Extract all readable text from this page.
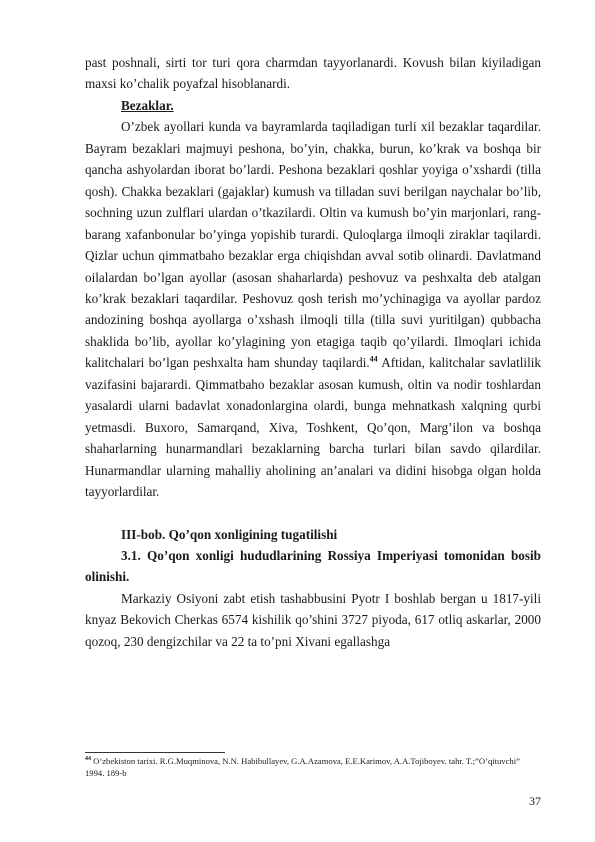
past poshnali, sirti tor turi qora charmdan tayyorlanardi. Kovush bilan kiyiladigan maxsi ko’chalik poyafzal hisoblanardi.

Bezaklar.

O’zbek ayollari kunda va bayramlarda taqiladigan turli xil bezaklar taqardilar. Bayram bezaklari majmuyi peshona, bo’yin, chakka, burun, ko’krak va boshqa bir qancha ashyolardan iborat bo’lardi. Peshona bezaklari qoshlar yoyiga o’xshardi (tilla qosh). Chakka bezaklari (gajaklar) kumush va tilladan suvi berilgan naychalar bo’lib, sochning uzun zulflari ulardan o’tkazilardi. Oltin va kumush bo’yin marjonlari, rang-barang xafanbonular bo’yinga yopishib turardi. Quloqlarga ilmoqli ziraklar taqilardi. Qizlar uchun qimmatbaho bezaklar erga chiqishdan avval sotib olinardi. Davlatmand oilalardan bo’lgan ayollar (asosan shaharlarda) peshovuz va peshxalta deb atalgan ko’krak bezaklari taqardilar. Peshovuz qosh terish mo’ychinagiga va ayollar pardoz andozining boshqa ayollarga o’xshash ilmoqli tilla (tilla suvi yuritilgan) qubbacha shaklida bo’lib, ayollar ko’ylagining yon etagiga taqib qo’yilardi. Ilmoqlari ichida kalitchalari bo’lgan peshxalta ham shunday taqilardi.$^{44}$ Aftidan, kalitchalar savlatlilik vazifasini bajarardi. Qimmatbaho bezaklar asosan kumush, oltin va nodir toshlardan yasalardi ularni badavlat xonadonlargina olardi, bunga mehnatkash xalqning qurbi yetmasdi. Buxoro, Samarqand, Xiva, Toshkent, Qo’qon, Marg’ilon va boshqa shaharlarning hunarmandlari bezaklarning barcha turlari bilan savdo qilardilar. Hunarmandlar ularning mahalliy aholining an’analari va didini hisobga olgan holda tayyorlardilar.

III-bob. Qo’qon xonligining tugatilishi

3.1. Qo’qon xonligi hududlarining Rossiya Imperiyasi tomonidan bosib olinishi.

Markaziy Osiyoni zabt etish tashabbusini Pyotr I boshlab bergan u 1817-yili knyaz Bekovich Cherkas 6574 kishilik qo’shini 3727 piyoda, 617 otliq askarlar, 2000 qozoq, 230 dengizchilar va 22 ta to’pni Xivani egallashga

$^{44}$ O’zbekiston tarixi. R.G.Muqminova, N.N. Habibullayev, G.A.Azamova, E.E.Karimov, A.A.Tojiboyev. tahr. T.;”O’qituvchi” 1994. 189-b
37
